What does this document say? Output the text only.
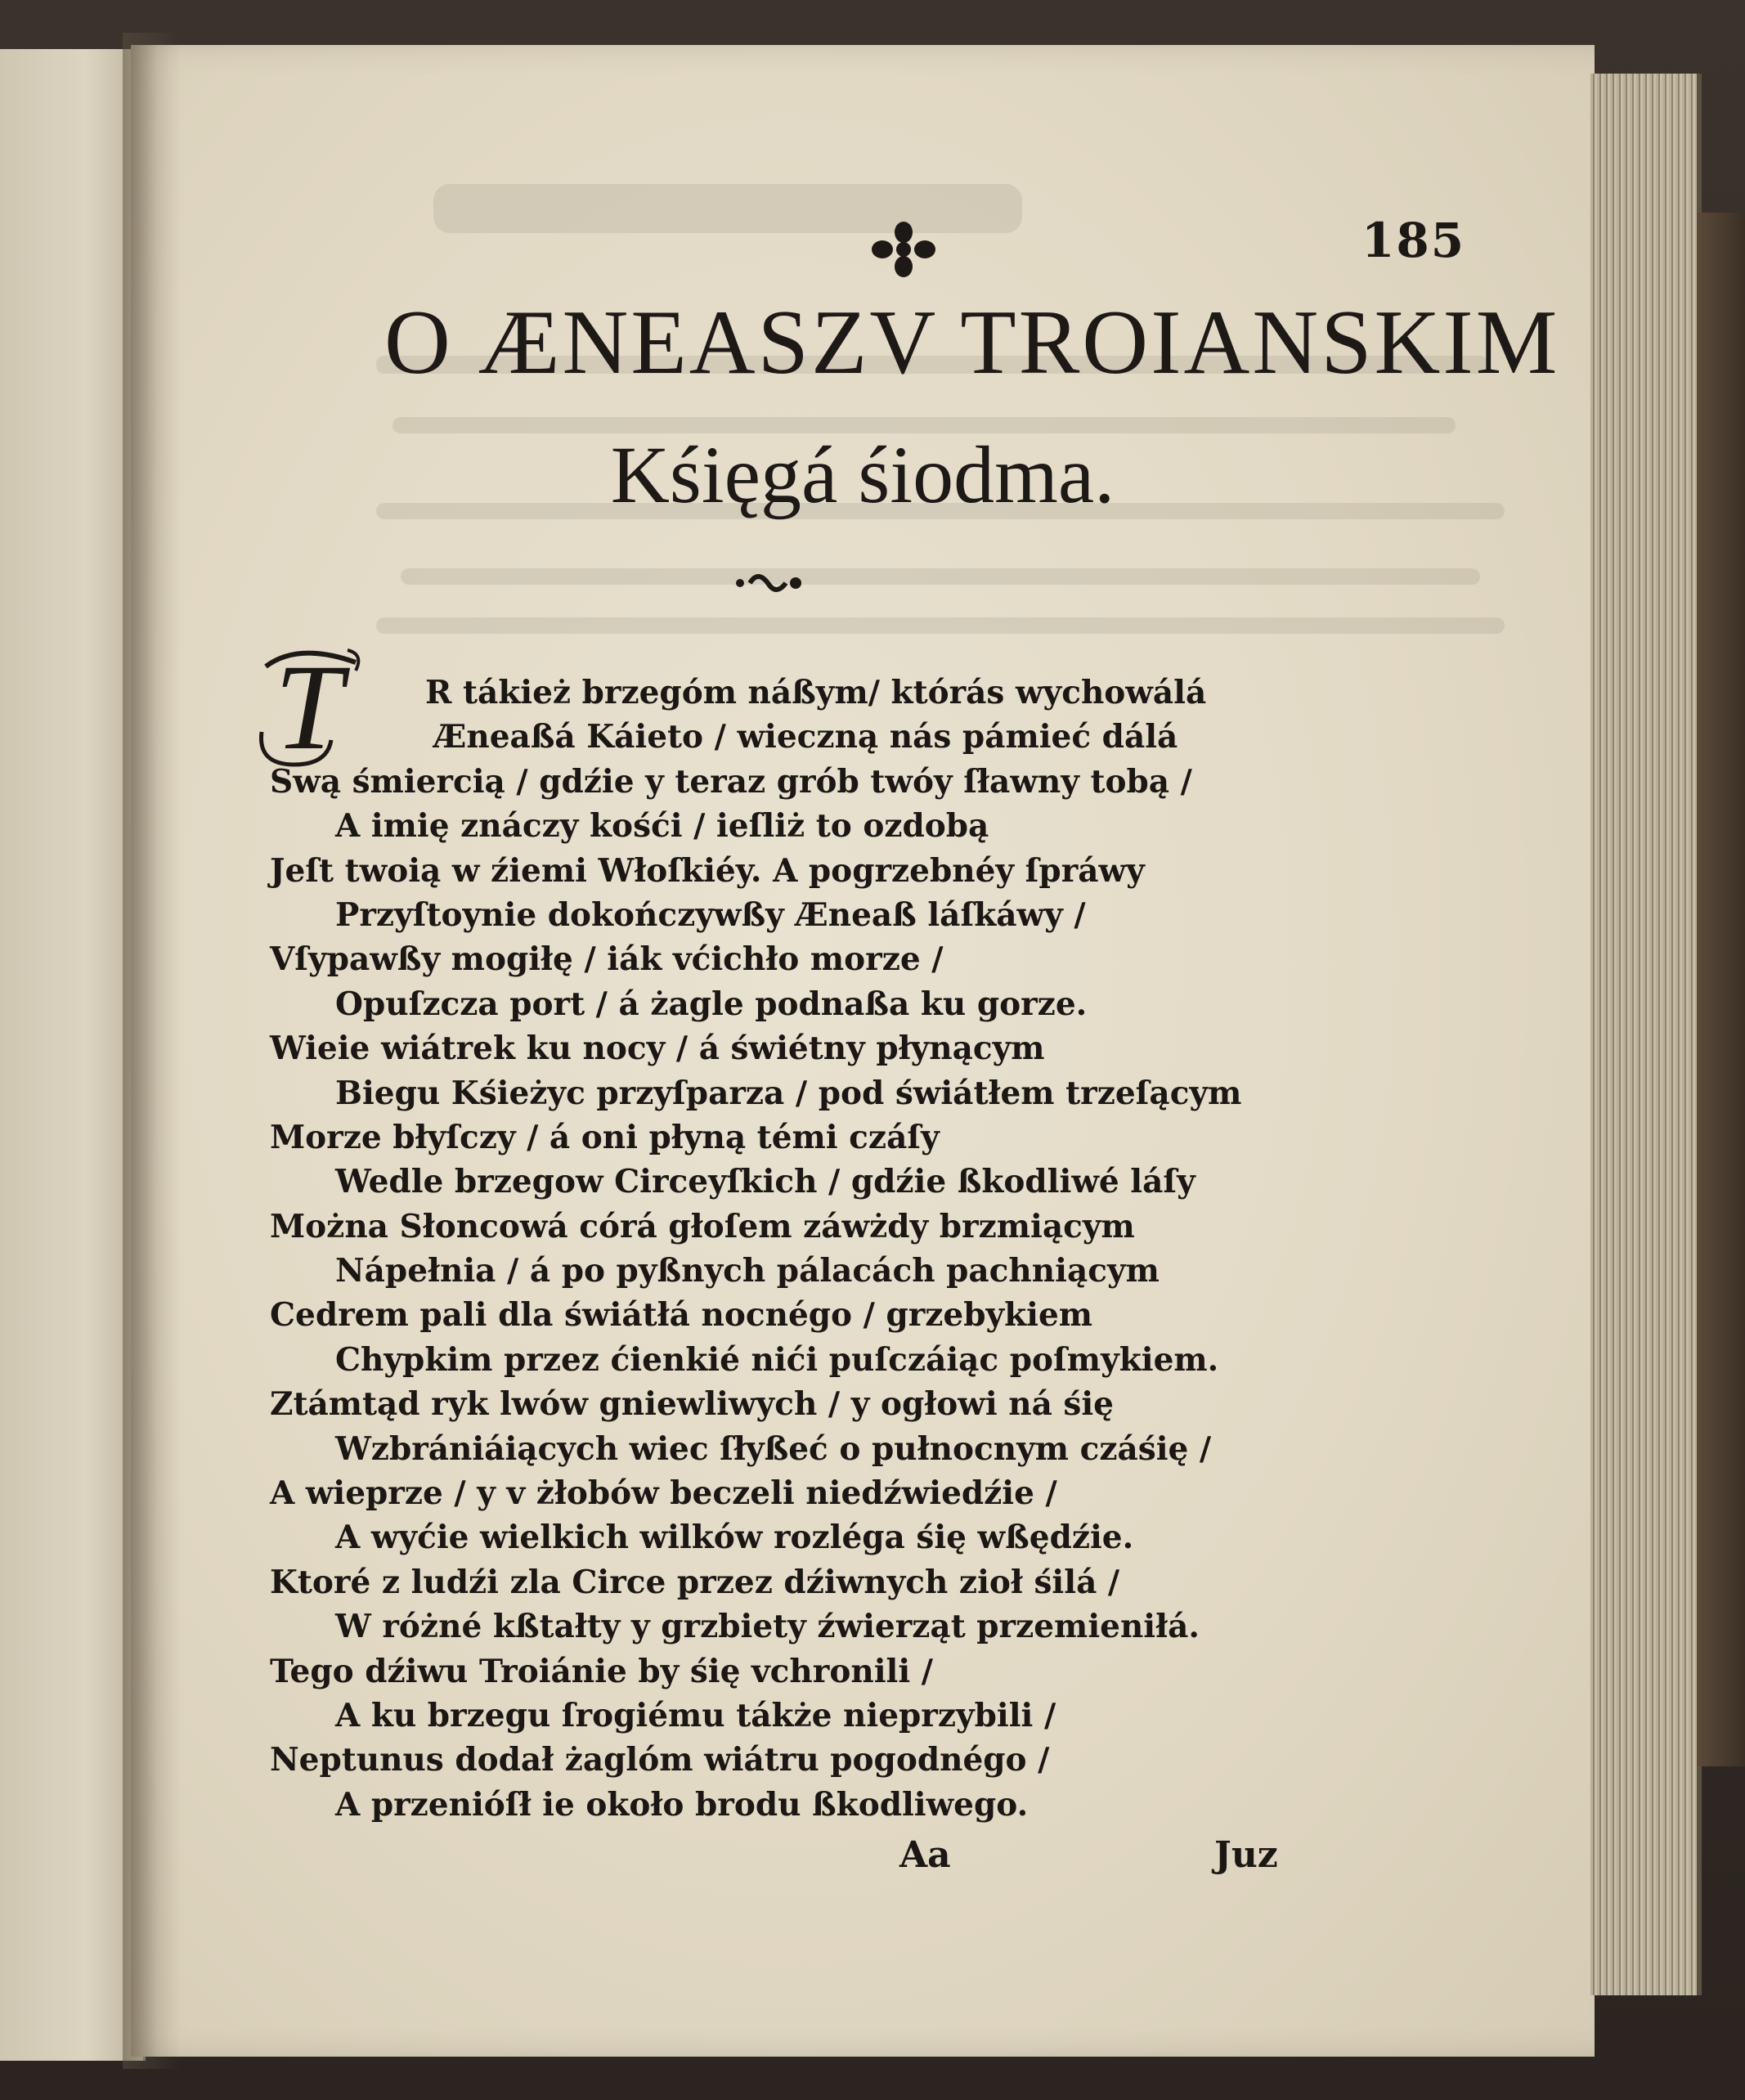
185
O ÆNEASZV TROIANSKIM
Kśięgá śiodma.
T	R tákież brzegóm náßym/ którás wychowálá
Æneaßá Káieto / wieczną nás pámieć dálá
Swą śmiercią / gdźie y teraz grób twóy ſławny tobą /
A imię znáczy kośći / ieſliż to ozdobą
Jeſt twoią w źiemi Włoſkiéy. A pogrzebnéy ſpráwy
Przyſtoynie dokończywßy Æneaß láſkáwy /
Vſypawßy mogiłę / iák vćichło morze /
Opuſzcza port / á żagle podnaßa ku gorze.
Wieie wiátrek ku nocy / á świétny płynącym
Biegu Kśieżyc przyſparza / pod świátłem trzeſącym
Morze błyſczy / á oni płyną témi czáſy
Wedle brzegow Circeyſkich / gdźie ßkodliwé láſy
Można Słoncowá córá głoſem záwżdy brzmiącym
Nápełnia / á po pyßnych pálacách pachniącym
Cedrem pali dla świátłá nocnégo / grzebykiem
Chypkim przez ćienkié nići puſczáiąc poſmykiem.
Ztámtąd ryk lwów gniewliwych / y ogłowi ná śię
Wzbrániáiących wiec ſłyßeć o pułnocnym czáśię /
A wieprze / y v żłobów beczeli niedźwiedźie /
A wyćie wielkich wilków rozléga śię wßędźie.
Ktoré z ludźi zla Circe przez dźiwnych zioł śilá /
W różné kßtałty y grzbiety źwierząt przemieniłá.
Tego dźiwu Troiánie by śię vchronili /
A ku brzegu ſrogiému tákże nieprzybili /
Neptunus dodał żaglóm wiátru pogodnégo /
A przenióſł ie około brodu ßkodliwego.
Aa	Juz
